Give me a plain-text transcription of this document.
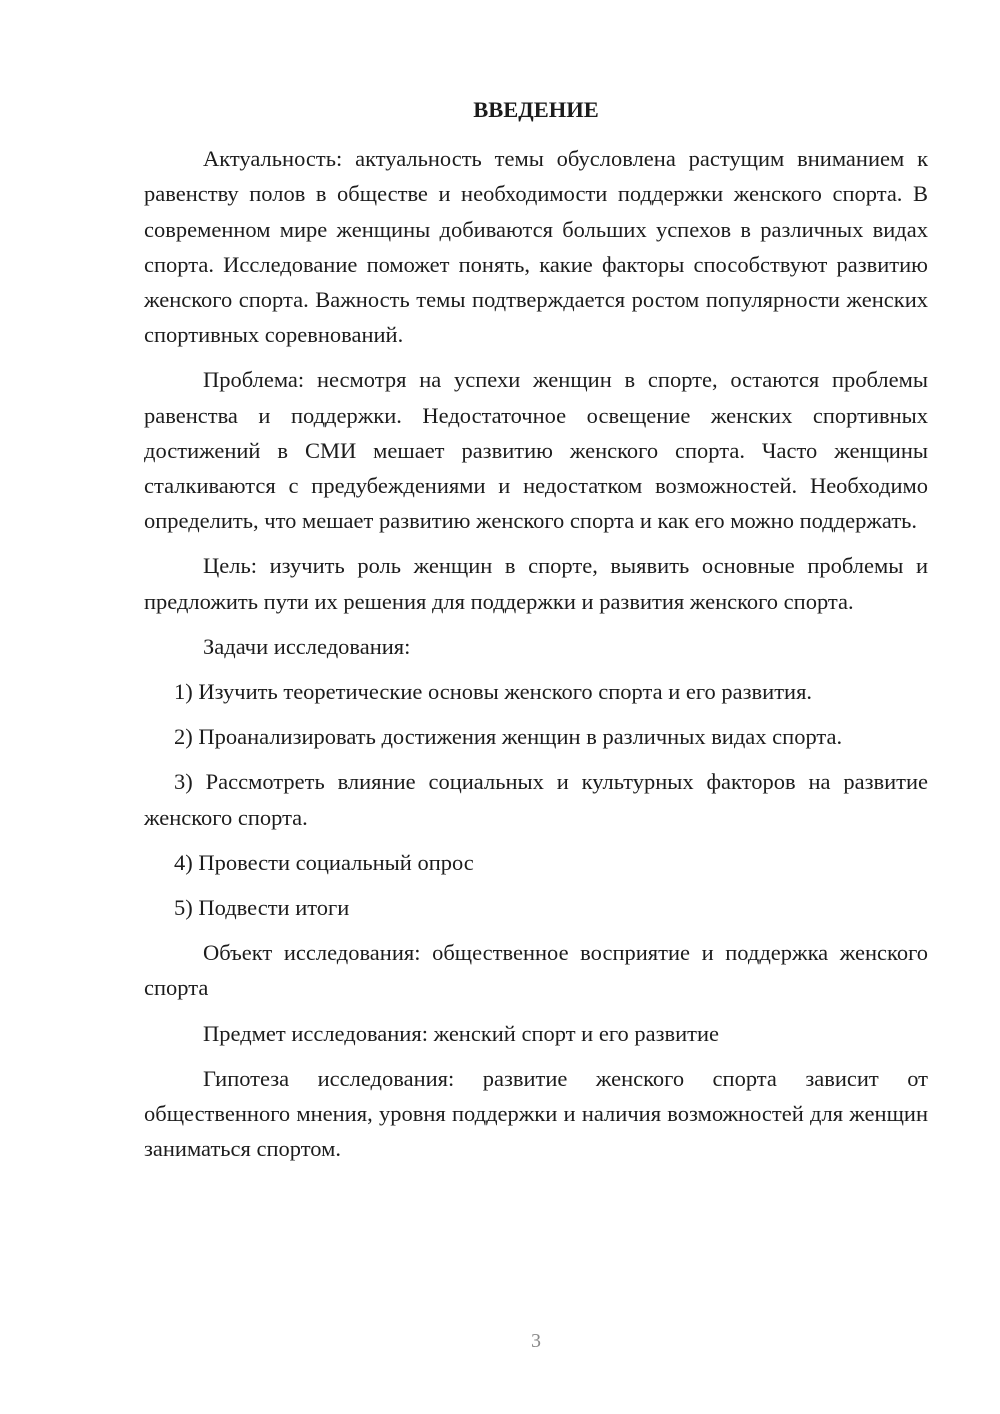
ВВЕДЕНИЕ

Актуальность: актуальность темы обусловлена растущим вниманием к равенству полов в обществе и необходимости поддержки женского спорта. В современном мире женщины добиваются больших успехов в различных видах спорта. Исследование поможет понять, какие факторы способствуют развитию женского спорта. Важность темы подтверждается ростом популярности женских спортивных соревнований.

Проблема: несмотря на успехи женщин в спорте, остаются проблемы равенства и поддержки. Недостаточное освещение женских спортивных достижений в СМИ мешает развитию женского спорта. Часто женщины сталкиваются с предубеждениями и недостатком возможностей. Необходимо определить, что мешает развитию женского спорта и как его можно поддержать.

Цель: изучить роль женщин в спорте, выявить основные проблемы и предложить пути их решения для поддержки и развития женского спорта.

Задачи исследования:

1) Изучить теоретические основы женского спорта и его развития.

2) Проанализировать достижения женщин в различных видах спорта.

3) Рассмотреть влияние социальных и культурных факторов на развитие женского спорта.

4) Провести социальный опрос

5) Подвести итоги

Объект исследования: общественное восприятие и поддержка женского спорта

Предмет исследования: женский спорт и его развитие

Гипотеза исследования: развитие женского спорта зависит от общественного мнения, уровня поддержки и наличия возможностей для женщин заниматься спортом.

3
